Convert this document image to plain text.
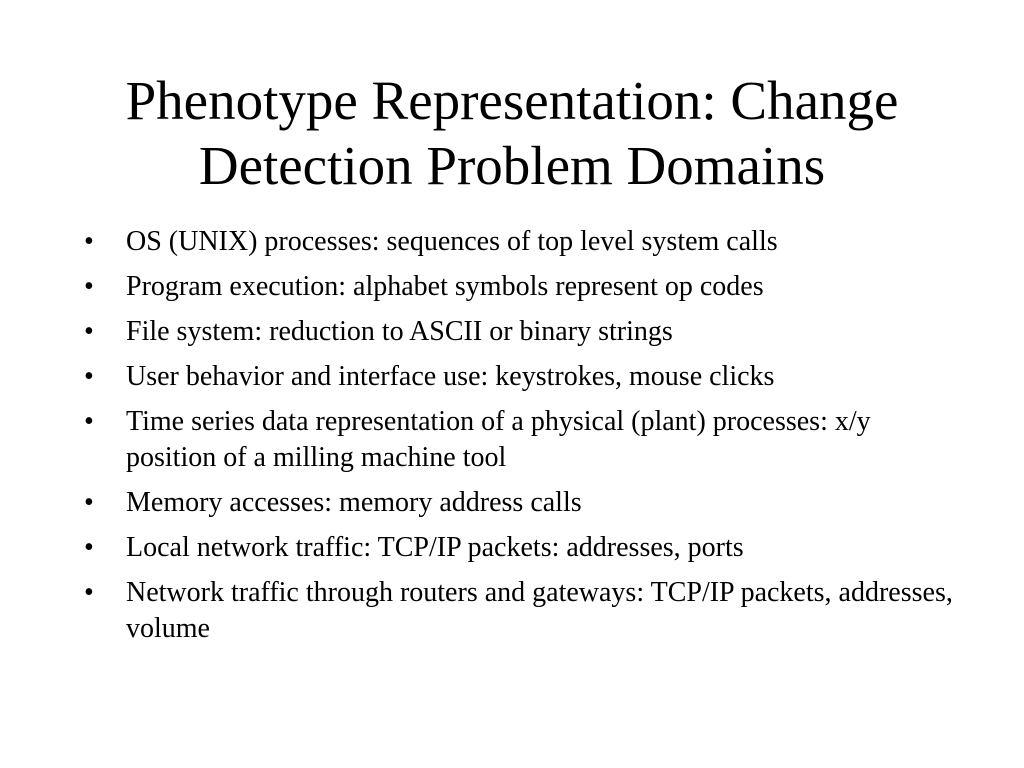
Phenotype Representation: Change Detection Problem Domains
•	OS (UNIX) processes: sequences of top level system calls
•	Program execution: alphabet symbols represent op codes
•	File system: reduction to ASCII or binary strings
•	User behavior and interface use: keystrokes, mouse clicks
•	Time series data representation of a physical (plant) processes: x/y position of a milling machine tool
•	Memory accesses: memory address calls
•	Local network traffic: TCP/IP packets: addresses, ports
•	Network traffic through routers and gateways: TCP/IP packets, addresses, volume
